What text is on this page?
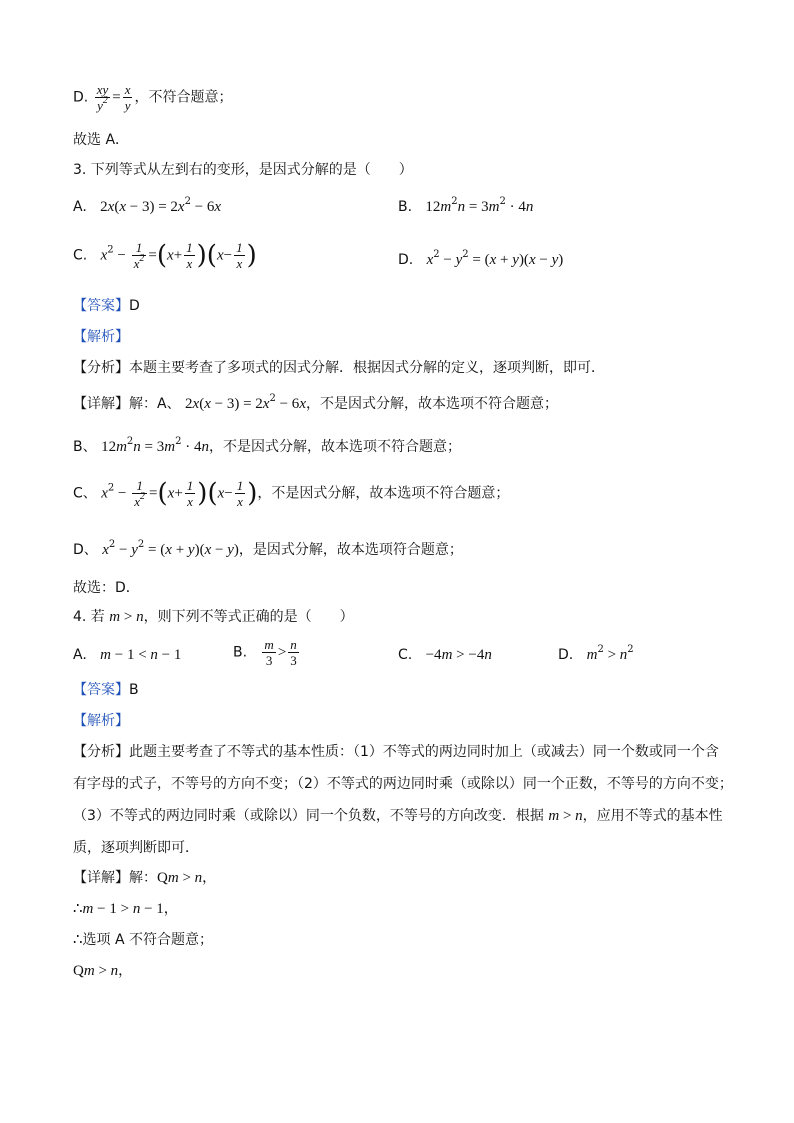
D. $\frac{xy}{y^2} = \frac{x}{y}$ ，不符合题意；
故选 A．
3. 下列等式从左到右的变形，是因式分解的是（　　）
A. $2x(x - 3) = 2x^2 - 6x$	B. $12m^2n = 3m^2 \cdot 4n$
C. $x^2 - \frac{1}{x^2} =(x+ \frac{1}{x} )(x- \frac{1}{x}$ )	D. $x^2 - y^2 = (x + y)(x - y)$
【答案】D
【解析】
【分析】本题主要考查了多项式的因式分解．根据因式分解的定义，逐项判断，即可．
【详解】解：A、 $2x(x - 3) = 2x^2 - 6x$，不是因式分解，故本选项不符合题意；
B、 $12m^2n = 3m^2 \cdot 4n$，不是因式分解，故本选项不符合题意；
C、 $x^2 - \frac{1}{x^2} =(x+ \frac{1}{x} )(x- \frac{1}{x}$ )，不是因式分解，故本选项不符合题意；
D、 $x^2 - y^2 = (x + y)(x - y)$，是因式分解，故本选项符合题意；
故选：D．
4. 若 m > n，则下列不等式正确的是（　　）
A. m − 1 < n − 1	B. $\frac{m}{3} > \frac{n}{3}$	C. −4m > −4n	D. $m^2 > n^2$
【答案】B
【解析】
【分析】此题主要考查了不等式的基本性质：（1）不等式的两边同时加上（或减去）同一个数或同一个含
有字母的式子，不等号的方向不变；（2）不等式的两边同时乘（或除以）同一个正数，不等号的方向不变；
（3）不等式的两边同时乘（或除以）同一个负数，不等号的方向改变．根据 m > n，应用不等式的基本性
质，逐项判断即可．
【详解】解：Qm > n，
∴m − 1 > n − 1，
∴选项 A 不符合题意；
Qm > n，
